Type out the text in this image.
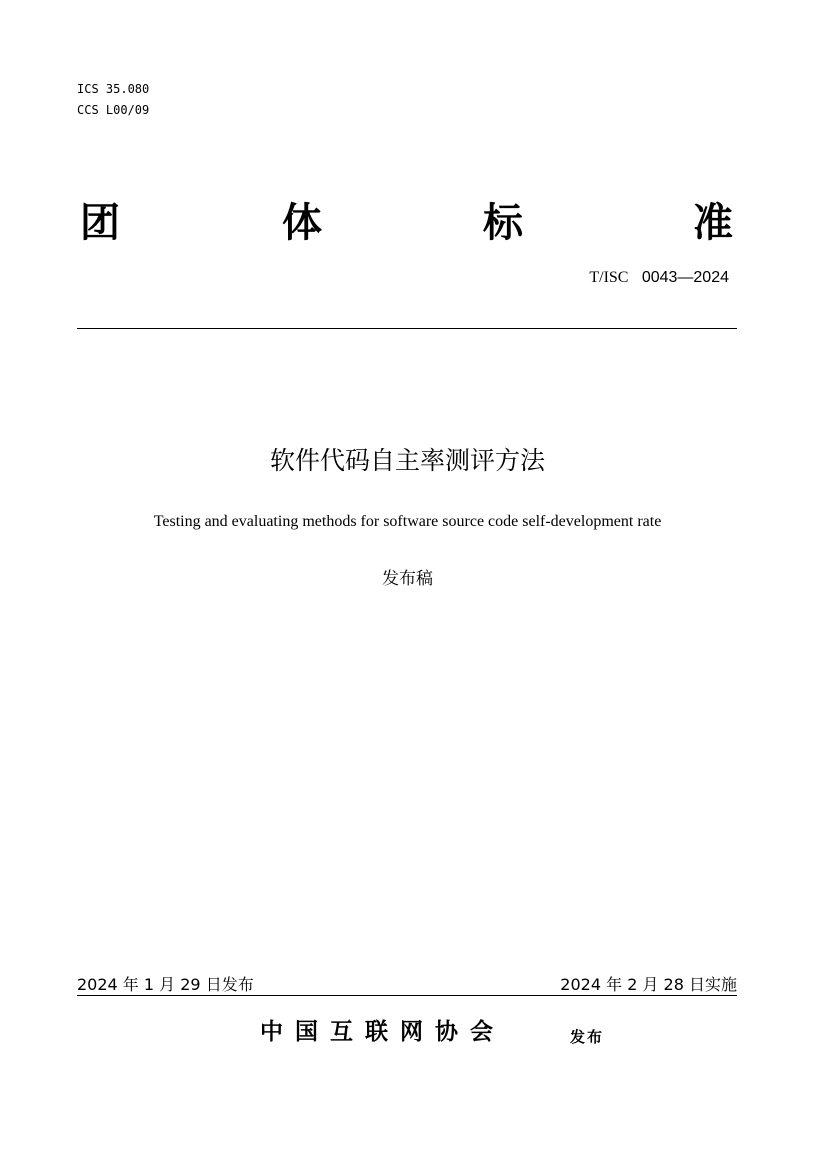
ICS 35.080
CCS L00/09
团	体	标	准
T/ISC 0043—2024
软件代码自主率测评方法
Testing and evaluating methods for software source code self-development rate
发布稿
2024 年 1 月 29 日发布	2024 年 2 月 28 日实施
中国互联网协会	发布
